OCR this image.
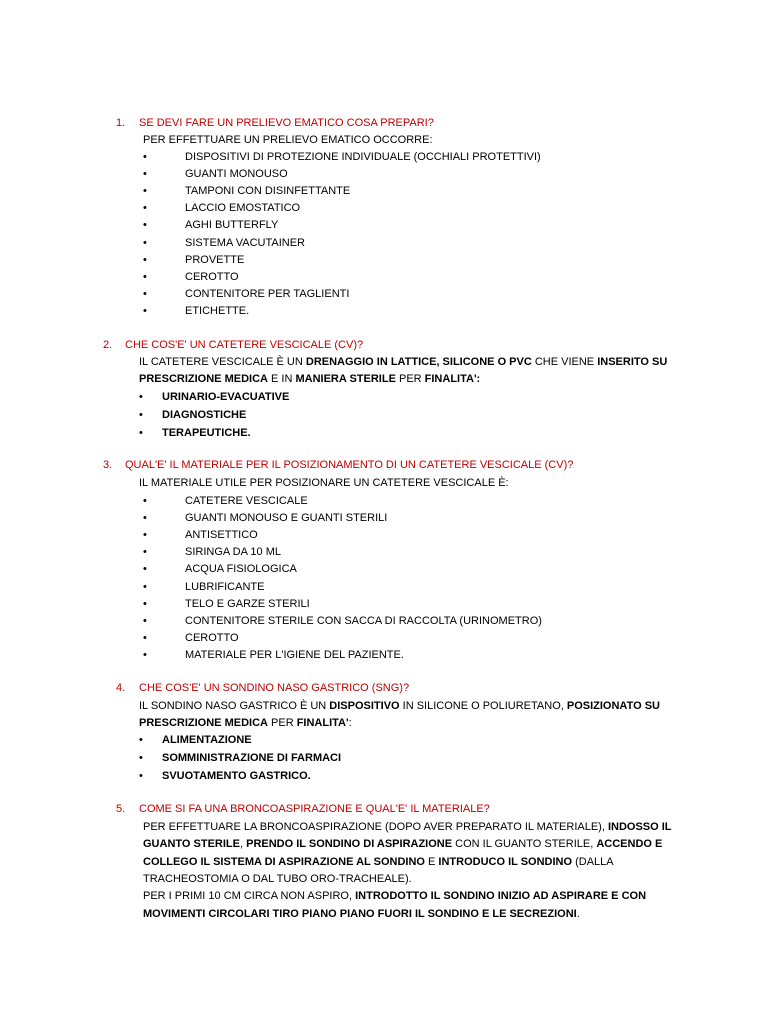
1. SE DEVI FARE UN PRELIEVO EMATICO COSA PREPARI?
PER EFFETTUARE UN PRELIEVO EMATICO OCCORRE:
•	DISPOSITIVI DI PROTEZIONE INDIVIDUALE (OCCHIALI PROTETTIVI)
•	GUANTI MONOUSO
•	TAMPONI CON DISINFETTANTE
•	LACCIO EMOSTATICO
•	AGHI BUTTERFLY
•	SISTEMA VACUTAINER
•	PROVETTE
•	CEROTTO
•	CONTENITORE PER TAGLIENTI
•	ETICHETTE.
2. CHE COS'E' UN CATETERE VESCICALE (CV)?
IL CATETERE VESCICALE È UN DRENAGGIO IN LATTICE, SILICONE O PVC CHE VIENE INSERITO SU
PRESCRIZIONE MEDICA E IN MANIERA STERILE PER FINALITA':
• URINARIO-EVACUATIVE
• DIAGNOSTICHE
• TERAPEUTICHE.
3. QUAL'E' IL MATERIALE PER IL POSIZIONAMENTO DI UN CATETERE VESCICALE (CV)?
IL MATERIALE UTILE PER POSIZIONARE UN CATETERE VESCICALE È:
•	CATETERE VESCICALE
•	GUANTI MONOUSO E GUANTI STERILI
•	ANTISETTICO
•	SIRINGA DA 10 ML
•	ACQUA FISIOLOGICA
•	LUBRIFICANTE
•	TELO E GARZE STERILI
•	CONTENITORE STERILE CON SACCA DI RACCOLTA (URINOMETRO)
•	CEROTTO
•	MATERIALE PER L'IGIENE DEL PAZIENTE.
4. CHE COS'E' UN SONDINO NASO GASTRICO (SNG)?
IL SONDINO NASO GASTRICO È UN DISPOSITIVO IN SILICONE O POLIURETANO, POSIZIONATO SU
PRESCRIZIONE MEDICA PER FINALITA':
• ALIMENTAZIONE
• SOMMINISTRAZIONE DI FARMACI
• SVUOTAMENTO GASTRICO.
5. COME SI FA UNA BRONCOASPIRAZIONE E QUAL'E' IL MATERIALE?
PER EFFETTUARE LA BRONCOASPIRAZIONE (DOPO AVER PREPARATO IL MATERIALE), INDOSSO IL
GUANTO STERILE, PRENDO IL SONDINO DI ASPIRAZIONE CON IL GUANTO STERILE, ACCENDO E
COLLEGO IL SISTEMA DI ASPIRAZIONE AL SONDINO E INTRODUCO IL SONDINO (DALLA
TRACHEOSTOMIA O DAL TUBO ORO-TRACHEALE).
PER I PRIMI 10 CM CIRCA NON ASPIRO, INTRODOTTO IL SONDINO INIZIO AD ASPIRARE E CON
MOVIMENTI CIRCOLARI TIRO PIANO PIANO FUORI IL SONDINO E LE SECREZIONI.
